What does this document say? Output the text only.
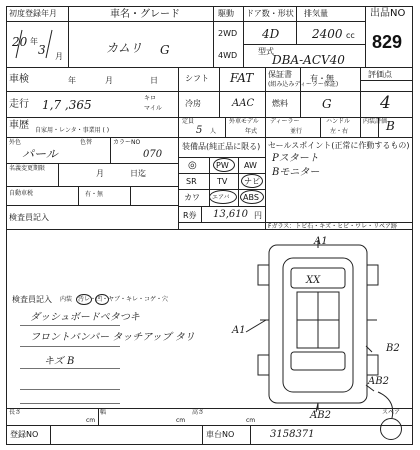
初度登録年月
20 年
3 月
車名・グレード
カムリ G
駆動
2WD
4WD
ドア数・形状
4D
排気量
2400 cc
型式
DBA-ACV40
出品NO
829
車検	年	月	日	シフト FAT 保証書
(組み込みディーラー保証)
有・無	評価点
4
走行 1,7 ,365	キロ
マイル
冷房	AAC 燃料	G
車歴 自家用・レンタ・事業用 ( )
定員
5 人
外車モデル
年式
ディーラー
並行
ハンドル
左・右
内装評価
B
外色
パール
色替	カラーNO
070
名義変更期限
月	日迄
自動車税	有・無
検査員記入
装備品(純正品に限る)
◎ PW AW
SR	TV ナビ
カワ エアバ ABS
R券 13,610 円
セールスポイント(正常に作動するもの)
Pスタート
Bモニター
Fガラス：トビ石・キズ・ヒビ・ワレ・リペア跡
検査員記入 内装 汚レ・凹・ヤブ・キレ・コゲ・穴
ダッシュボードペタつキ
フロントバンパー タッチアップ タリ
キズ B
A1
XX
A1
B2
AB2
AB2	スペア
長さ
cm
幅
cm
高さ
cm
登録NO	車台NO	3158371
